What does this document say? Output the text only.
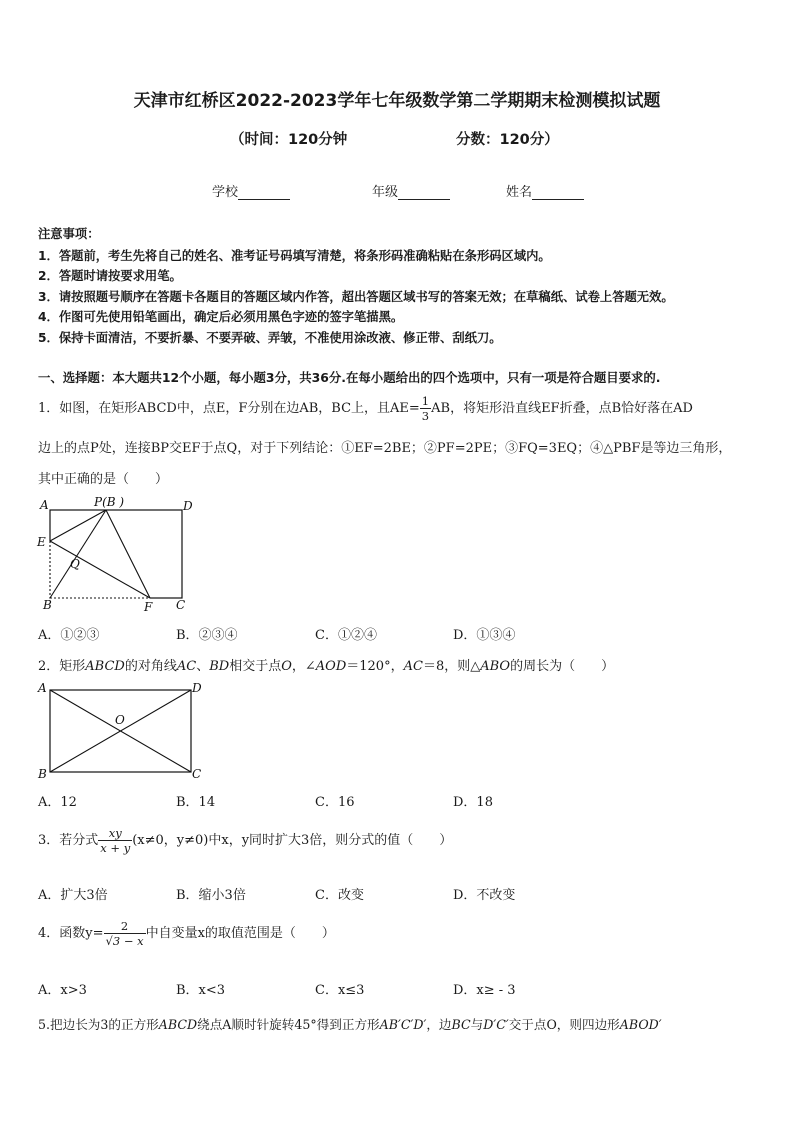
天津市红桥区2022-2023学年七年级数学第二学期期末检测模拟试题
（时间：120分钟	分数：120分）
学校	年级	姓名
注意事项：
1．答题前，考生先将自己的姓名、准考证号码填写清楚，将条形码准确粘贴在条形码区域内。
2．答题时请按要求用笔。
3．请按照题号顺序在答题卡各题目的答题区域内作答，超出答题区域书写的答案无效；在草稿纸、试卷上答题无效。
4．作图可先使用铅笔画出，确定后必须用黑色字迹的签字笔描黑。
5．保持卡面清洁，不要折暴、不要弄破、弄皱，不准使用涂改液、修正带、刮纸刀。
一、选择题：本大题共12个小题，每小题3分，共36分.在每小题给出的四个选项中，只有一项是符合题目要求的.
1．如图，在矩形ABCD中，点E，F分别在边AB，BC上，且$AE= \frac{1}{3}$ AB，将矩形沿直线EF折叠，点B恰好落在AD
边上的点P处，连接BP交EF于点Q，对于下列结论：①EF=2BE；②PF=2PE；③FQ=3EQ；④△PBF是等边三角形，
其中正确的是（　　）
A	P(B )	D
E
Q
B	F C
A．①②③	B．②③④	C．①②④	D．①③④
2．矩形ABCD的对角线AC、BD相交于点O，∠AOD＝120°，AC＝8，则△ABO的周长为（　　）
A	D
O
B	C
A．12	B．14	C．16	D．18
3．若分式 $\frac{xy}{x + y} (x\ne 0$，y≠0)中x，y同时扩大3倍，则分式的值（　　）
A．扩大3倍	B．缩小3倍	C．改变	D．不改变
4．函数$y= \frac{2}{√3 - x}$ 中自变量x的取值范围是（　　）
A．x>3	B．x<3	C．x≤3	D．x≥ - 3
5.把边长为3的正方形ABCD绕点A顺时针旋转45°得到正方形AB′C′D′，边BC与D′C′交于点O，则四边形ABOD′
